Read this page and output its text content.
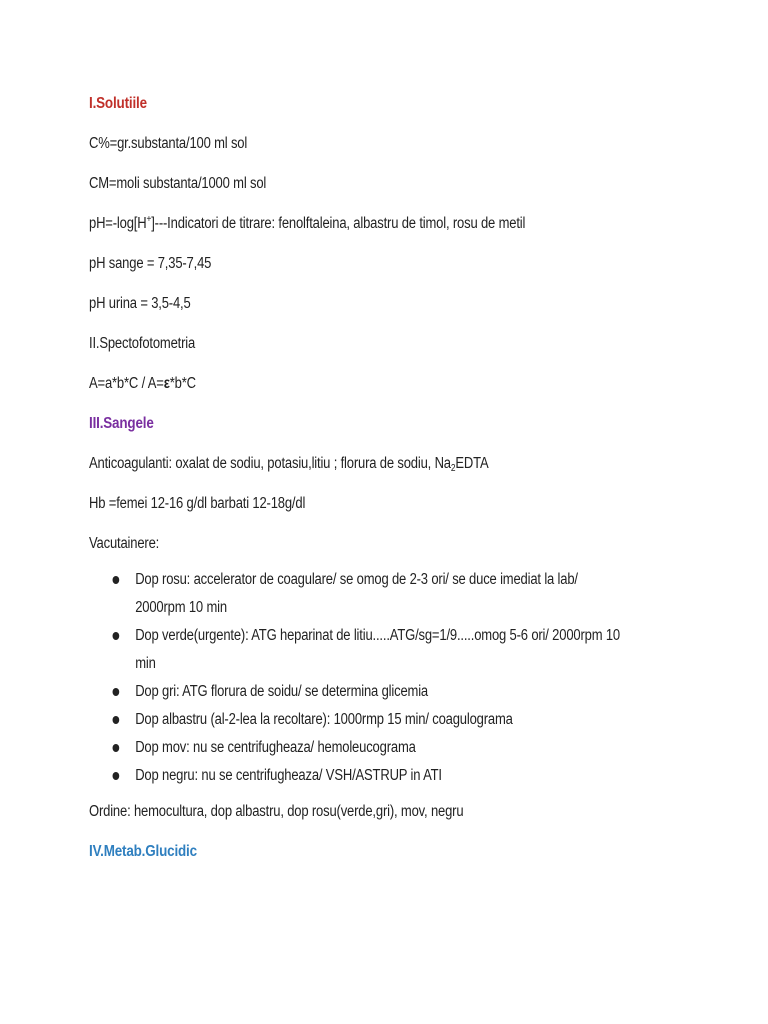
I.Solutiile
C%=gr.substanta/100 ml sol
CM=moli substanta/1000 ml sol
pH=-log[H+]---Indicatori de titrare: fenolftaleina, albastru de timol, rosu de metil
pH sange = 7,35-7,45
pH urina = 3,5-4,5
II.Spectofotometria
A=a*b*C / A=ε*b*C
III.Sangele
Anticoagulanti: oxalat de sodiu, potasiu,litiu ; florura de sodiu, $Na_2EDTA$
Hb =femei 12-16 g/dl barbati 12-18g/dl
Vacutainere:
Dop rosu: accelerator de coagulare/ se omog de 2-3 ori/ se duce imediat la lab/
2000rpm 10 min
Dop verde(urgente): ATG heparinat de litiu.....ATG/sg=1/9.....omog 5-6 ori/ 2000rpm 10
min
Dop gri: ATG florura de soidu/ se determina glicemia
Dop albastru (al-2-lea la recoltare): 1000rmp 15 min/ coagulograma
Dop mov: nu se centrifugheaza/ hemoleucograma
Dop negru: nu se centrifugheaza/ VSH/ASTRUP in ATI
Ordine: hemocultura, dop albastru, dop rosu(verde,gri), mov, negru
IV.Metab.Glucidic
